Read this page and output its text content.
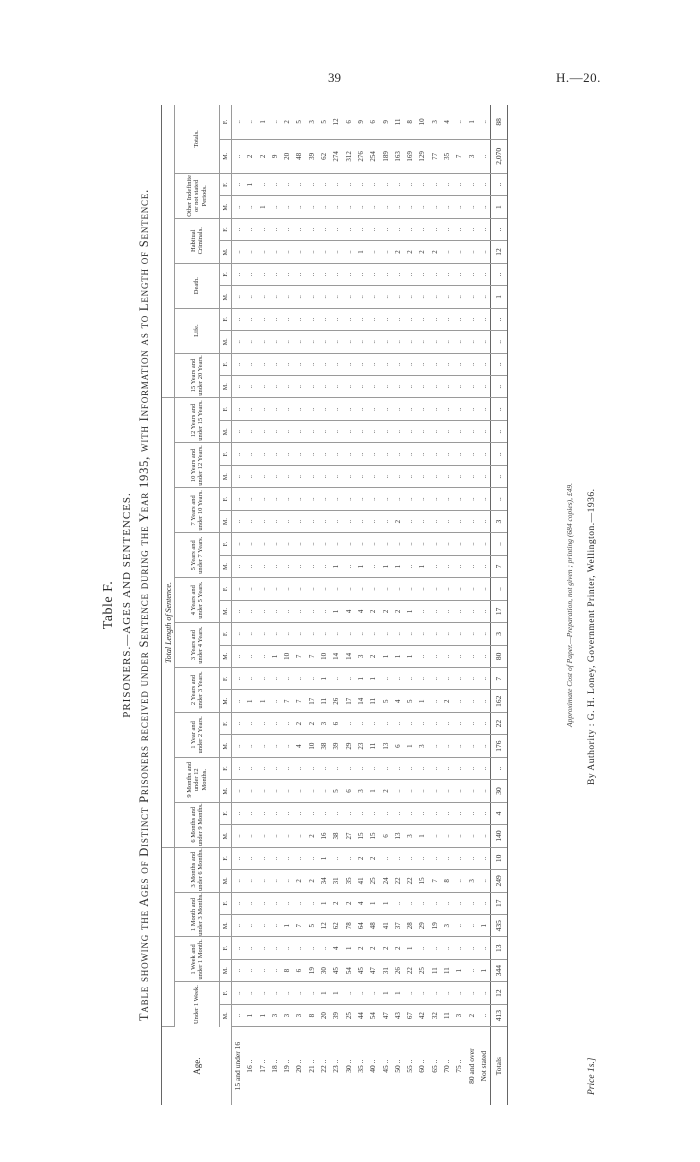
39	H.—20.
Table F. PRISONERS.—AGES AND SENTENCES. Table showing the Ages of Distinct Prisoners received under Sentence during the Year 1935, with Information as to Length of Sentence.
Age.									Total Length of Sentence.																															
	Under 1 Week.		1 Week and under 1 Month.		1 Month and under 3 Months.		3 Months and under 6 Months.		6 Months and under 9 Months.		9 Months and under 12 Months.		1 Year and under 2 Years.		2 Years and under 3 Years.		3 Years and under 4 Years.		4 Years and under 5 Years.		5 Years and under 7 Years.		7 Years and under 10 Years.		10 Years and under 12 Years.		12 Years and under 15 Years.		15 Years and under 20 Years.		Life.		Death.		Habitual Criminals.		Other Indefinite or not stated Periods.		Totals.	
	M.	F.	M.	F.	M.	F.	M.	F.	M.	F.	M.	F.	M.	F.	M.	F.	M.	F.	M.	F.	M.	F.	M.	F.	M.	F.	M.	F.	M.	F.	M.	F.	M.	F.	M.	F.	M.	F.	M.	F.
15 and under 16	..	..	..	..	..	..	..	..	..	..	..	..	..	..	..	..	..	..	..	..	..	..	..	..	..	..	..	..	..	..	..	..	..	..	..	..	..	..	..	..
16 ..	1	..	..	..	..	..	..	..	..	..	..	..	..	..	1	..	..	..	..	..	..	..	..	..	..	..	..	..	..	..	..	..	..	..	..	..	..	1	2	..
17 ..	1	..	..	..	..	..	..	..	..	..	..	..	..	..	1	..	..	..	..	..	..	..	..	..	..	..	..	..	..	..	..	..	..	..	..	..	1	..	2	1
18 ..	3	..	..	..	..	..	..	..	..	..	..	..	..	..	..	..	1	..	..	..	..	..	..	..	..	..	..	..	..	..	..	..	..	..	..	..	..	..	9	..
19 ..	3	..	8	..	1	..	..	..	..	..	..	..	..	..	7	..	10	..	..	..	..	..	..	..	..	..	..	..	..	..	..	..	..	..	..	..	..	..	20	2
20 ..	3	..	6	..	7	..	2	..	..	..	..	..	4	2	7	..	7	..	..	..	..	..	..	..	..	..	..	..	..	..	..	..	..	..	..	..	..	..	48	5
21 ..	8	..	19	..	5	..	2	..	2	..	..	..	10	2	17	..	7	..	..	..	..	..	..	..	..	..	..	..	..	..	..	..	..	..	..	..	..	..	39	3
22 ..	20	1	30	..	12	1	34	1	16	..	..	..	38	3	11	1	10	..	..	..	..	..	..	..	..	..	..	..	..	..	..	..	..	..	..	..	..	..	62	5
23 ..	39	1	45	4	62	2	31	..	38	..	5	..	39	6	26	..	14	..	1	..	1	..	..	..	..	..	..	..	..	..	..	..	..	..	..	..	..	..	274	12
30 ..	25	..	54	1	78	2	35	..	27	..	6	..	29	..	17	..	14	..	4	..	..	..	..	..	..	..	..	..	..	..	..	..	..	..	..	..	..	..	312	6
35 ..	44	..	45	2	64	4	41	2	15	..	3	..	23	..	14	1	3	..	4	..	1	..	..	..	..	..	..	..	..	..	..	..	..	..	1	..	..	..	276	9
40 ..	54	..	47	2	48	1	25	2	15	..	1	..	11	..	11	1	2	..	2	..	..	..	..	..	..	..	..	..	..	..	..	..	..	..	..	..	..	..	254	6
45 ..	47	1	31	2	41	1	24	..	6	..	2	..	13	..	5	..	1	..	2	..	1	..	..	..	..	..	..	..	..	..	..	..	..	..	..	..	..	..	189	9
50 ..	43	1	26	2	37	..	22	..	13	..	..	..	6	..	4	..	1	..	2	..	1	..	2	..	..	..	..	..	..	..	..	..	..	..	2	..	..	..	163	11
55 ..	67	..	22	1	28	..	22	..	3	..	..	..	1	..	5	..	1	..	1	..	..	..	..	..	..	..	..	..	..	..	..	..	..	..	2	..	..	..	169	8
60 ..	42	..	25	..	29	..	15	..	1	..	..	..	3	..	1	..	..	..	..	..	1	..	..	..	..	..	..	..	..	..	..	..	..	..	2	..	..	..	129	10
65 ..	32	..	11	..	19	..	7	..	..	..	..	..	..	..	..	..	..	..	..	..	..	..	..	..	..	..	..	..	..	..	..	..	..	..	2	..	..	..	77	3
70 ..	11	..	11	..	3	..	8	..	..	..	..	..	..	..	2	..	..	..	..	..	..	..	..	..	..	..	..	..	..	..	..	..	..	..	..	..	..	..	35	4
75 ..	3	..	1	..	..	..	..	..	..	..	..	..	..	..	..	..	..	..	..	..	..	..	..	..	..	..	..	..	..	..	..	..	..	..	..	..	..	..	7	..
80 and over	2	..	..	..	..	..	3	..	..	..	..	..	..	..	..	..	..	..	..	..	..	..	..	..	..	..	..	..	..	..	..	..	..	..	..	..	..	..	3	1
Not stated	..	..	1	..	1	..	..	..	..	..	..	..	..	..	..	..	..	..	..	..	..	..	..	..	..	..	..	..	..	..	..	..	..	..	..	..	..	..	..	..
Totals	413	12	344	13	435	17	249	10	140	4	30	..	176	22	162	7	80	3	17	..	7	..	3	..	..	..	..	..	..	..	..	..	1	..	12	..	1	..	2,070	88
Approximate Cost of Paper.—Preparation, not given ; printing (684 copies), £49.
Price 1s.]
By Authority : G. H. Loney, Government Printer, Wellington.—1936.
